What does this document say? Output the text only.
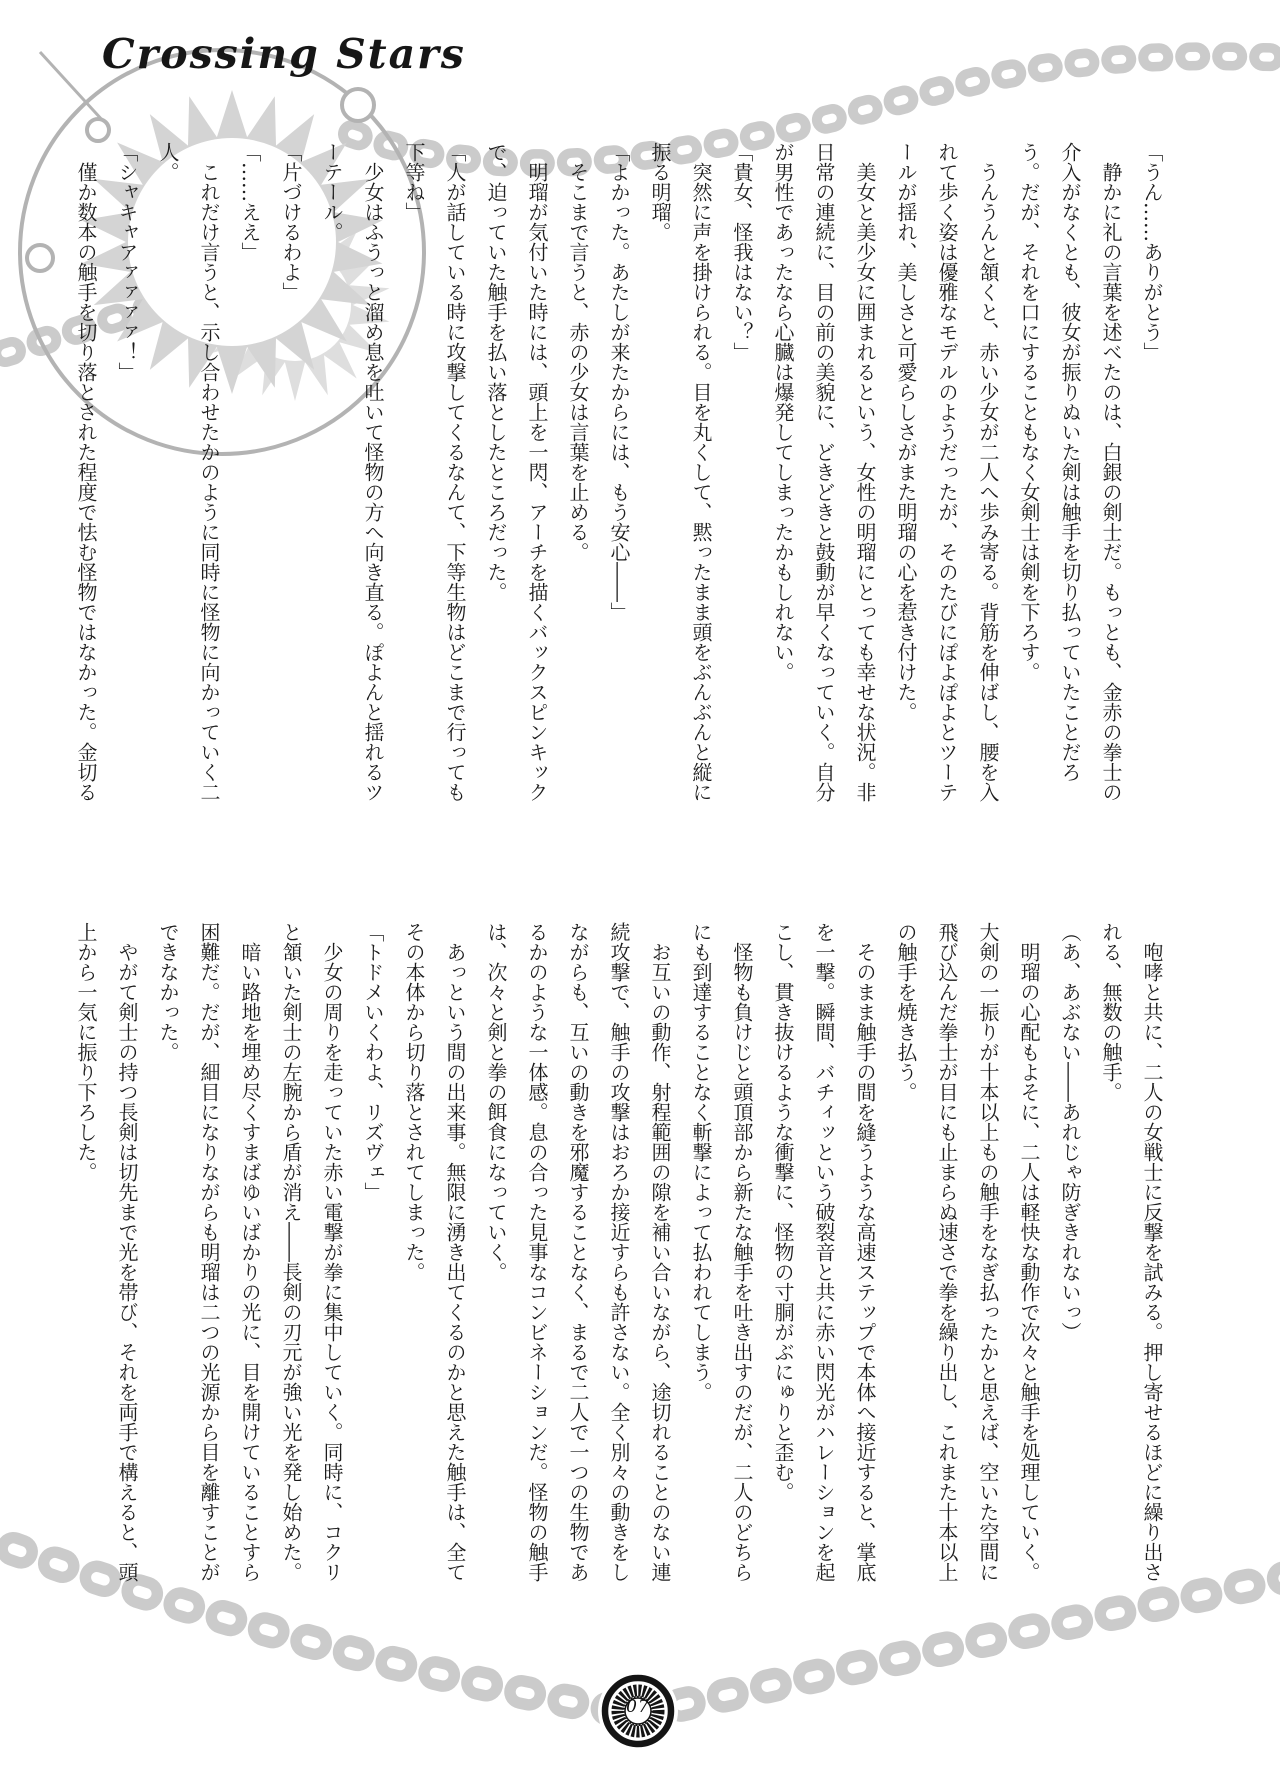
Crossing Stars

「うん……ありがとう」

静かに礼の言葉を述べたのは、白銀の剣士だ。もっとも、金赤の拳士の介入がなくとも、彼女が振りぬいた剣は触手を切り払っていたことだろう。だが、それを口にすることもなく女剣士は剣を下ろす。

うんうんと頷くと、赤い少女が二人へ歩み寄る。背筋を伸ばし、腰を入れて歩く姿は優雅なモデルのようだったが、そのたびにぽよぽよとツーテールが揺れ、美しさと可愛らしさがまた明瑠の心を惹き付けた。

美女と美少女に囲まれるという、女性の明瑠にとっても幸せな状況。非日常の連続に、目の前の美貌に、どきどきと鼓動が早くなっていく。自分が男性であったなら心臓は爆発してしまったかもしれない。

「貴女、怪我はない？」

突然に声を掛けられる。目を丸くして、黙ったまま頭をぶんぶんと縦に振る明瑠。

「よかった。あたしが来たからには、もう安心――」

そこまで言うと、赤の少女は言葉を止める。

明瑠が気付いた時には、頭上を一閃、アーチを描くバックスピンキックで、迫っていた触手を払い落としたところだった。

「人が話している時に攻撃してくるなんて、下等生物はどこまで行っても下等ね」

少女はふうっと溜め息を吐いて怪物の方へ向き直る。ぽよんと揺れるツーテール。

「片づけるわよ」

「……ええ」

これだけ言うと、示し合わせたかのように同時に怪物に向かっていく二人。

「シャキャアァァァァ！」

僅か数本の触手を切り落とされた程度で怯む怪物ではなかった。金切る

咆哮と共に、二人の女戦士に反撃を試みる。押し寄せるほどに繰り出される、無数の触手。

（あ、あぶない――あれじゃ防ぎきれないっ）

明瑠の心配もよそに、二人は軽快な動作で次々と触手を処理していく。大剣の一振りが十本以上もの触手をなぎ払ったかと思えば、空いた空間に飛び込んだ拳士が目にも止まらぬ速さで拳を繰り出し、これまた十本以上の触手を焼き払う。

そのまま触手の間を縫うような高速ステップで本体へ接近すると、掌底を一撃。瞬間、バチィッという破裂音と共に赤い閃光がハレーションを起こし、貫き抜けるような衝撃に、怪物の寸胴がぶにゅりと歪む。

怪物も負けじと頭頂部から新たな触手を吐き出すのだが、二人のどちらにも到達することなく斬撃によって払われてしまう。

お互いの動作、射程範囲の隙を補い合いながら、途切れることのない連続攻撃で、触手の攻撃はおろか接近すらも許さない。全く別々の動きをしながらも、互いの動きを邪魔することなく、まるで二人で一つの生物であるかのような一体感。息の合った見事なコンビネーションだ。怪物の触手は、次々と剣と拳の餌食になっていく。

あっという間の出来事。無限に湧き出てくるのかと思えた触手は、全てその本体から切り落とされてしまった。

「トドメいくわよ、リズヴェ」

少女の周りを走っていた赤い電撃が拳に集中していく。同時に、コクリと頷いた剣士の左腕から盾が消え――長剣の刃元が強い光を発し始めた。

暗い路地を埋め尽くすまばゆいばかりの光に、目を開けていることすら困難だ。だが、細目になりながらも明瑠は二つの光源から目を離すことができなかった。

やがて剣士の持つ長剣は切先まで光を帯び、それを両手で構えると、頭上から一気に振り下ろした。

07
